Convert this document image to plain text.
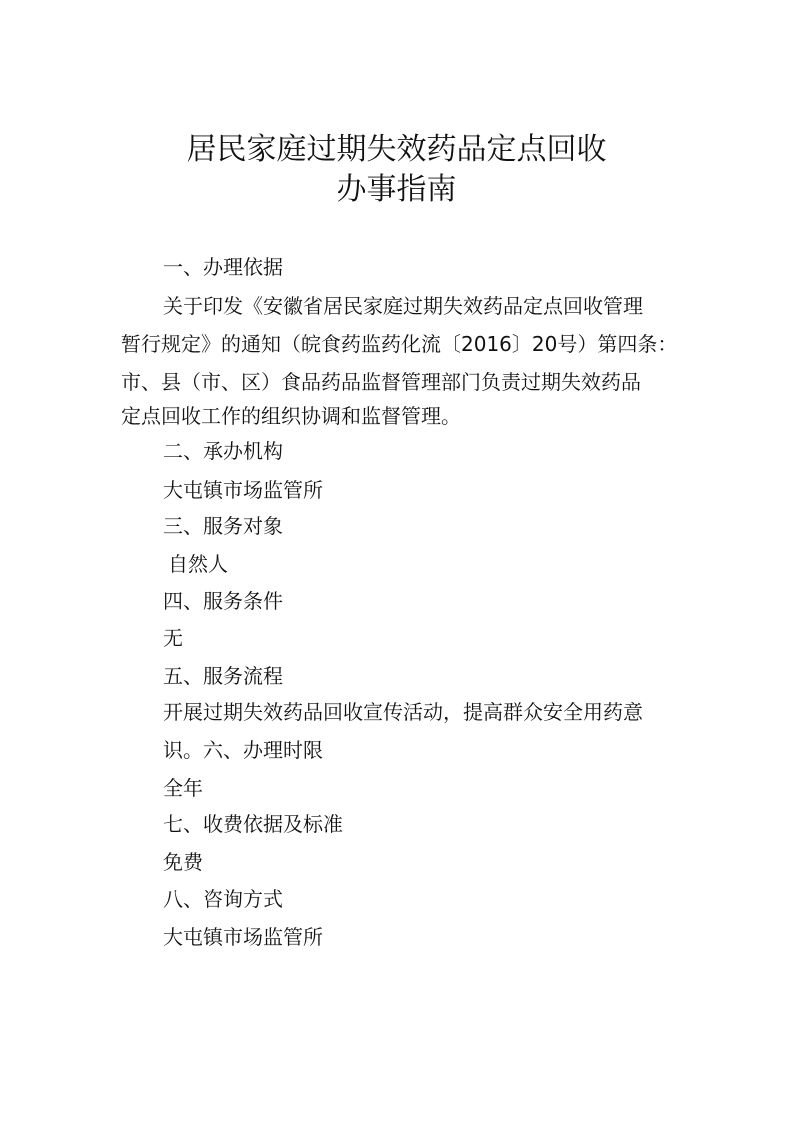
居民家庭过期失效药品定点回收
办事指南
一、办理依据
关于印发《安徽省居民家庭过期失效药品定点回收管理
暂行规定》的通知（皖食药监药化流〔2016〕20号）第四条：
市、县（市、区）食品药品监督管理部门负责过期失效药品
定点回收工作的组织协调和监督管理。
二、承办机构
大屯镇市场监管所
三、服务对象
自然人
四、服务条件
无
五、服务流程
开展过期失效药品回收宣传活动，提高群众安全用药意
识。六、办理时限
全年
七、收费依据及标准
免费
八、咨询方式
大屯镇市场监管所
